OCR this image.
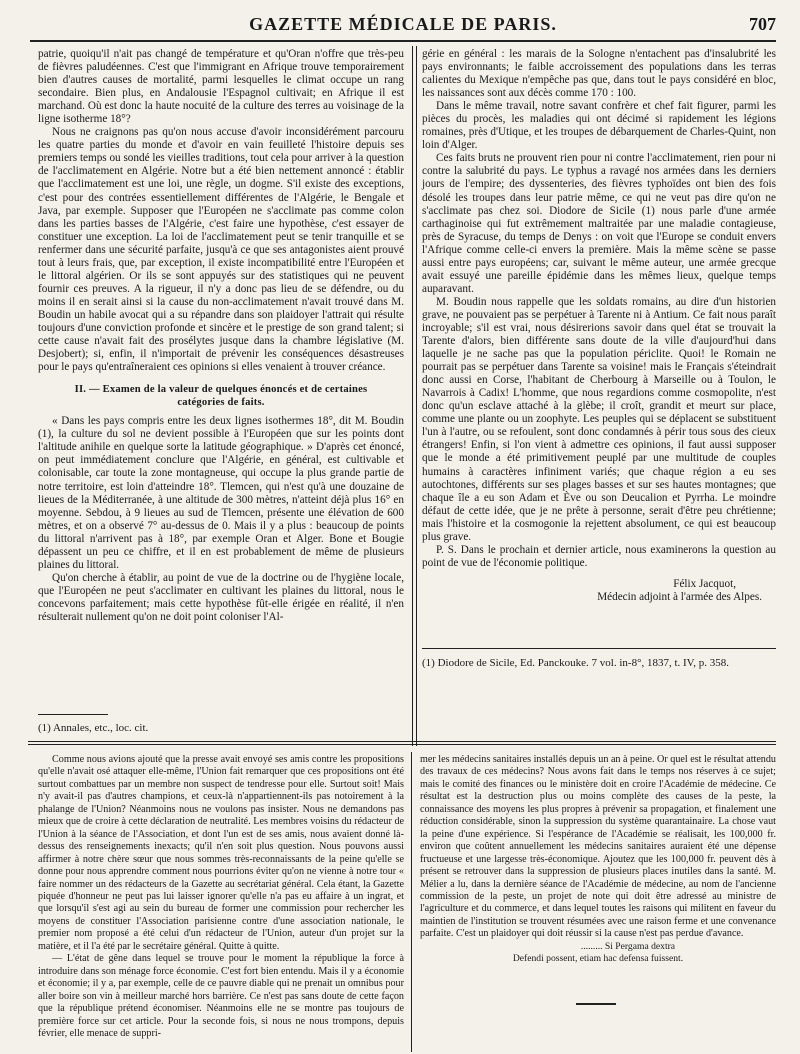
GAZETTE MÉDICALE DE PARIS.	707

patrie, quoiqu'il n'ait pas changé de température et qu'Oran n'offre que très-peu de fièvres paludéennes. C'est que l'immigrant en Afrique trouve temporairement bien d'autres causes de mortalité, parmi lesquelles le climat occupe un rang secondaire. Bien plus, en Andalousie l'Espagnol cultivait; en Afrique il est marchand. Où est donc la haute nocuité de la culture des terres au voisinage de la ligne isotherme 18°?

Nous ne craignons pas qu'on nous accuse d'avoir inconsidérément parcouru les quatre parties du monde et d'avoir en vain feuilleté l'histoire depuis ses premiers temps ou sondé les vieilles traditions, tout cela pour arriver à la question de l'acclimatement en Algérie. Notre but a été bien nettement annoncé : établir que l'acclimatement est une loi, une règle, un dogme. S'il existe des exceptions, c'est pour des contrées essentiellement différentes de l'Algérie, le Bengale et Java, par exemple. Supposer que l'Européen ne s'acclimate pas comme colon dans les parties basses de l'Algérie, c'est faire une hypothèse, c'est essayer de constituer une exception. La loi de l'acclimatement peut se tenir tranquille et se renfermer dans une sécurité parfaite, jusqu'à ce que ses antagonistes aient prouvé tout à leurs frais, que, par exception, il existe incompatibilité entre l'Européen et le littoral algérien. Or ils se sont appuyés sur des statistiques qui ne peuvent fournir ces preuves. A la rigueur, il n'y a donc pas lieu de se défendre, ou du moins il en serait ainsi si la cause du non-acclimatement n'avait trouvé dans M. Boudin un habile avocat qui a su répandre dans son plaidoyer l'attrait qui résulte toujours d'une conviction profonde et sincère et le prestige de son grand talent; si cette cause n'avait fait des prosélytes jusque dans la chambre législative (M. Desjobert); si, enfin, il n'importait de prévenir les conséquences désastreuses pour le pays qu'entraîneraient ces opinions si elles venaient à trouver créance.

II. — Examen de la valeur de quelques énoncés et de certaines
catégories de faits.

« Dans les pays compris entre les deux lignes isothermes 18°, dit M. Boudin (1), la culture du sol ne devient possible à l'Européen que sur les points dont l'altitude anihile en quelque sorte la latitude géographique. » D'après cet énoncé, on peut immédiatement conclure que l'Algérie, en général, est cultivable et colonisable, car toute la zone montagneuse, qui occupe la plus grande partie de notre territoire, est loin d'atteindre 18°. Tlemcen, qui n'est qu'à une douzaine de lieues de la Méditerranée, à une altitude de 300 mètres, n'atteint déjà plus 16° en moyenne. Sebdou, à 9 lieues au sud de Tlemcen, présente une élévation de 600 mètres, et on a observé 7° au-dessus de 0. Mais il y a plus : beaucoup de points du littoral n'arrivent pas à 18°, par exemple Oran et Alger. Bone et Bougie dépassent un peu ce chiffre, et il en est probablement de même de plusieurs plaines du littoral.

Qu'on cherche à établir, au point de vue de la doctrine ou de l'hygiène locale, que l'Européen ne peut s'acclimater en cultivant les plaines du littoral, nous le concevons parfaitement; mais cette hypothèse fût-elle érigée en réalité, il n'en résulterait nullement qu'on ne doit point coloniser l'Al-

(1) Annales, etc., loc. cit.

gérie en général : les marais de la Sologne n'entachent pas d'insalubrité les pays environnants; le faible accroissement des populations dans les terras calientes du Mexique n'empêche pas que, dans tout le pays considéré en bloc, les naissances sont aux décès comme 170 : 100.

Dans le même travail, notre savant confrère et chef fait figurer, parmi les pièces du procès, les maladies qui ont décimé si rapidement les légions romaines, près d'Utique, et les troupes de débarquement de Charles-Quint, non loin d'Alger.

Ces faits bruts ne prouvent rien pour ni contre l'acclimatement, rien pour ni contre la salubrité du pays. Le typhus a ravagé nos armées dans les derniers jours de l'empire; des dyssenteries, des fièvres typhoïdes ont bien des fois désolé les troupes dans leur patrie même, ce qui ne veut pas dire qu'on ne s'acclimate pas chez soi. Diodore de Sicile (1) nous parle d'une armée carthaginoise qui fut extrêmement maltraitée par une maladie contagieuse, près de Syracuse, du temps de Denys : on voit que l'Europe se conduit envers l'Afrique comme celle-ci envers la première. Mais la même scène se passe aussi entre pays européens; car, suivant le même auteur, une armée grecque avait essuyé une pareille épidémie dans les mêmes lieux, quelque temps auparavant.

M. Boudin nous rappelle que les soldats romains, au dire d'un historien grave, ne pouvaient pas se perpétuer à Tarente ni à Antium. Ce fait nous paraît incroyable; s'il est vrai, nous désirerions savoir dans quel état se trouvait la Tarente d'alors, bien différente sans doute de la ville d'aujourd'hui dans laquelle je ne sache pas que la population périclite. Quoi! le Romain ne pourrait pas se perpétuer dans Tarente sa voisine! mais le Français s'éteindrait donc aussi en Corse, l'habitant de Cherbourg à Marseille ou à Toulon, le Navarrois à Cadix! L'homme, que nous regardions comme cosmopolite, n'est donc qu'un esclave attaché à la glèbe; il croît, grandit et meurt sur place, comme une plante ou un zoophyte. Les peuples qui se déplacent se substituent l'un à l'autre, ou se refoulent, sont donc condamnés à périr tous sous des cieux étrangers! Enfin, si l'on vient à admettre ces opinions, il faut aussi supposer que le monde a été primitivement peuplé par une multitude de couples humains à caractères infiniment variés; que chaque région a eu ses autochtones, différents sur ses plages basses et sur ses hautes montagnes; que chaque île a eu son Adam et Ève ou son Deucalion et Pyrrha. Le moindre défaut de cette idée, que je ne prête à personne, serait d'être peu chrétienne; mais l'histoire et la cosmogonie la rejettent absolument, ce qui est beaucoup plus grave.

P. S. Dans le prochain et dernier article, nous examinerons la question au point de vue de l'économie politique.

Félix Jacquot,

Médecin adjoint à l'armée des Alpes.

(1) Diodore de Sicile, Ed. Panckouke. 7 vol. in-8°, 1837, t. IV, p. 358.

Comme nous avions ajouté que la presse avait envoyé ses amis contre les propositions qu'elle n'avait osé attaquer elle-même, l'Union fait remarquer que ces propositions ont été surtout combattues par un membre non suspect de tendresse pour elle. Surtout soit! Mais n'y avait-il pas d'autres champions, et ceux-là n'appartiennent-ils pas notoirement à la phalange de l'Union? Néanmoins nous ne voulons pas insister. Nous ne demandons pas mieux que de croire à cette déclaration de neutralité. Les membres voisins du rédacteur de l'Union à la séance de l'Association, et dont l'un est de ses amis, nous avaient donné là-dessus des renseignements inexacts; qu'il n'en soit plus question. Nous pouvons aussi affirmer à notre chère sœur que nous sommes très-reconnaissants de la peine qu'elle se donne pour nous apprendre comment nous pourrions éviter qu'on ne vienne à notre tour « faire nommer un des rédacteurs de la Gazette au secrétariat général. Cela étant, la Gazette piquée d'honneur ne peut pas lui laisser ignorer qu'elle n'a pas eu affaire à un ingrat, et que lorsqu'il s'est agi au sein du bureau de former une commission pour rechercher les moyens de constituer l'Association parisienne contre d'une association nationale, le premier nom proposé a été celui d'un rédacteur de l'Union, auteur d'un projet sur la matière, et il l'a été par le secrétaire général. Quitte à quitte.

— L'état de gêne dans lequel se trouve pour le moment la république la force à introduire dans son ménage force économie. C'est fort bien entendu. Mais il y a économie et économie; il y a, par exemple, celle de ce pauvre diable qui ne prenait un omnibus pour aller boire son vin à meilleur marché hors barrière. Ce n'est pas sans doute de cette façon que la république prétend économiser. Néanmoins elle ne se montre pas toujours de première force sur cet article. Pour la seconde fois, si nous ne nous trompons, depuis février, elle menace de suppri-

mer les médecins sanitaires installés depuis un an à peine. Or quel est le résultat attendu des travaux de ces médecins? Nous avons fait dans le temps nos réserves à ce sujet; mais le comité des finances ou le ministère doit en croire l'Académie de médecine. Ce résultat est la destruction plus ou moins complète des causes de la peste, la connaissance des moyens les plus propres à prévenir sa propagation, et finalement une réduction considérable, sinon la suppression du système quarantainaire. La chose vaut la peine d'une expérience. Si l'espérance de l'Académie se réalisait, les 100,000 fr. environ que coûtent annuellement les médecins sanitaires auraient été une dépense fructueuse et une largesse très-économique. Ajoutez que les 100,000 fr. peuvent dès à présent se retrouver dans la suppression de plusieurs places inutiles dans la santé. M. Mélier a lu, dans la dernière séance de l'Académie de médecine, au nom de l'ancienne commission de la peste, un projet de note qui doit être adressé au ministre de l'agriculture et du commerce, et dans lequel toutes les raisons qui militent en faveur du maintien de l'institution se trouvent résumées avec une raison ferme et une convenance parfaite. C'est un plaidoyer qui doit réussir si la cause n'est pas perdue d'avance.

......... Si Pergama dextra

Defendi possent, etiam hac defensa fuissent.
